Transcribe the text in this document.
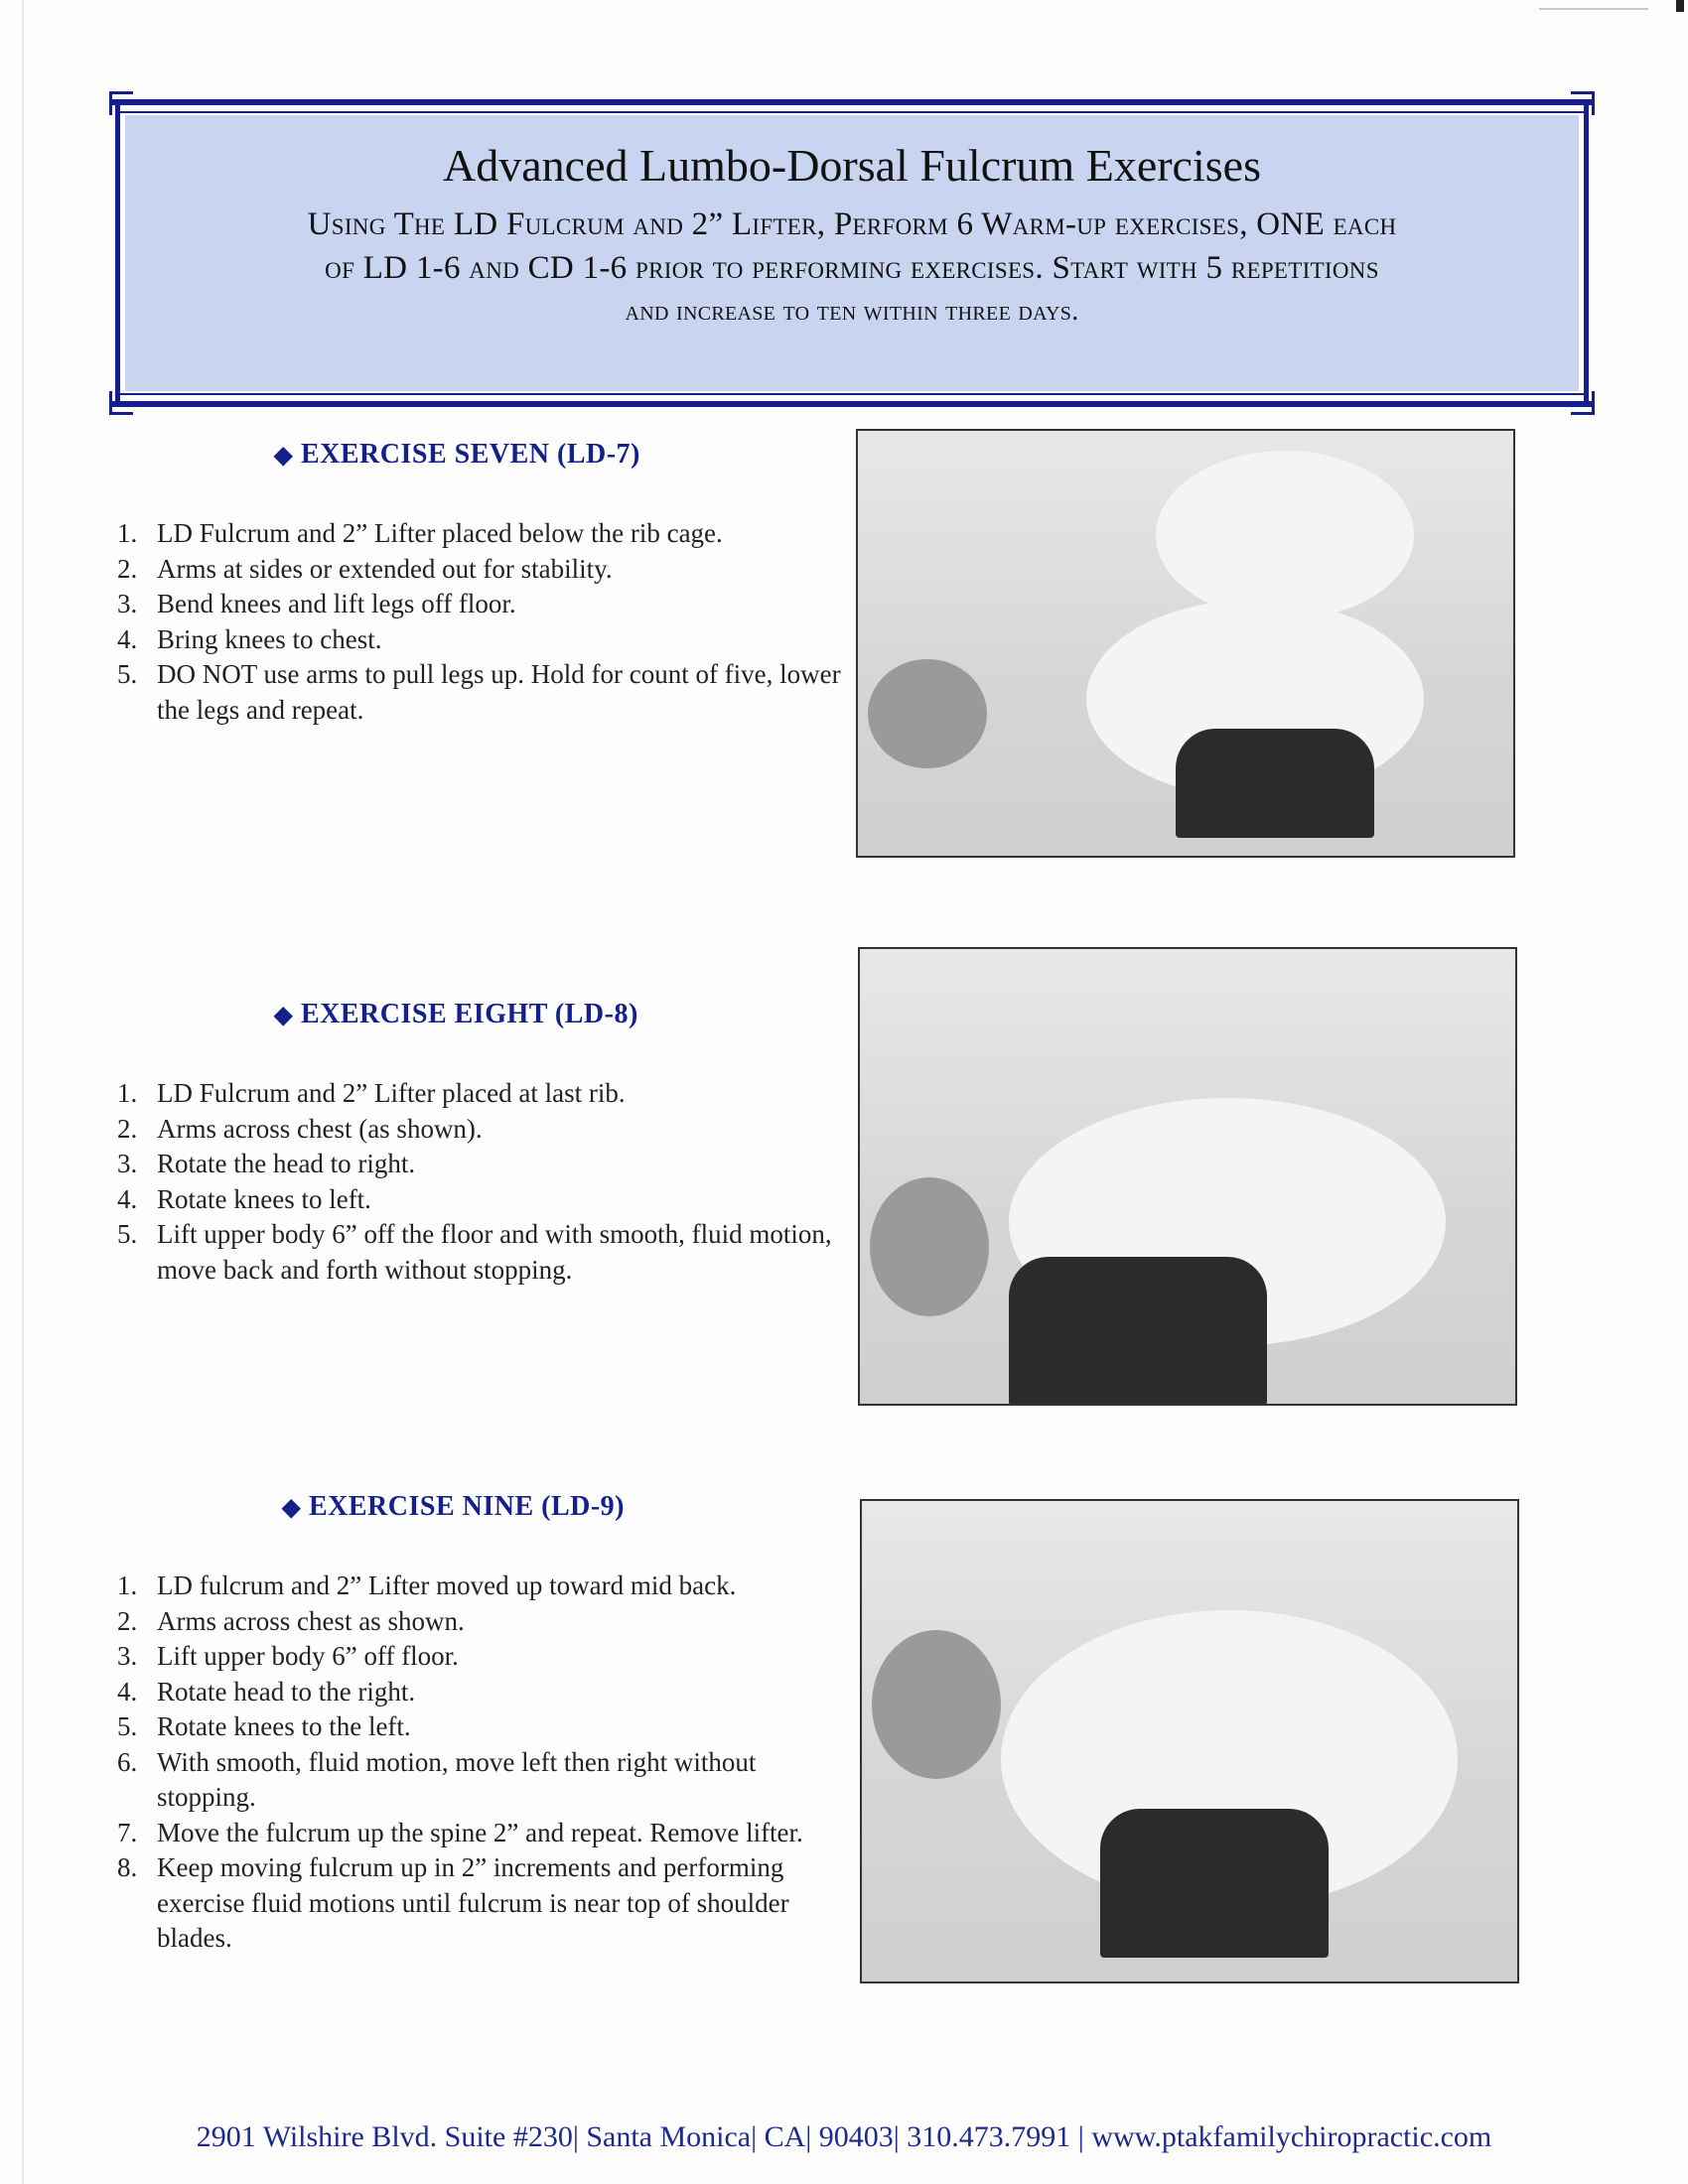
Advanced Lumbo-Dorsal Fulcrum Exercises
Using The LD Fulcrum and 2” Lifter, Perform 6 Warm-up exercises, ONE each
of LD 1-6 and CD 1-6 prior to performing exercises. Start with 5 repetitions
and increase to ten within three days.
◆ EXERCISE SEVEN (LD-7)
1. LD Fulcrum and 2” Lifter placed below the rib cage.
2. Arms at sides or extended out for stability.
3. Bend knees and lift legs off floor.
4. Bring knees to chest.
5. DO NOT use arms to pull legs up. Hold for count of five, lower the legs and repeat.
◆ EXERCISE EIGHT (LD-8)
1. LD Fulcrum and 2” Lifter placed at last rib.
2. Arms across chest (as shown).
3. Rotate the head to right.
4. Rotate knees to left.
5. Lift upper body 6” off the floor and with smooth, fluid motion, move back and forth without stopping.
◆ EXERCISE NINE (LD-9)
1. LD fulcrum and 2” Lifter moved up toward mid back.
2. Arms across chest as shown.
3. Lift upper body 6” off floor.
4. Rotate head to the right.
5. Rotate knees to the left.
6. With smooth, fluid motion, move left then right without stopping.
7. Move the fulcrum up the spine 2” and repeat. Remove lifter.
8. Keep moving fulcrum up in 2” increments and performing exercise fluid motions until fulcrum is near top of shoulder blades.
2901 Wilshire Blvd. Suite #230| Santa Monica| CA| 90403| 310.473.7991 | www.ptakfamilychiropractic.com
